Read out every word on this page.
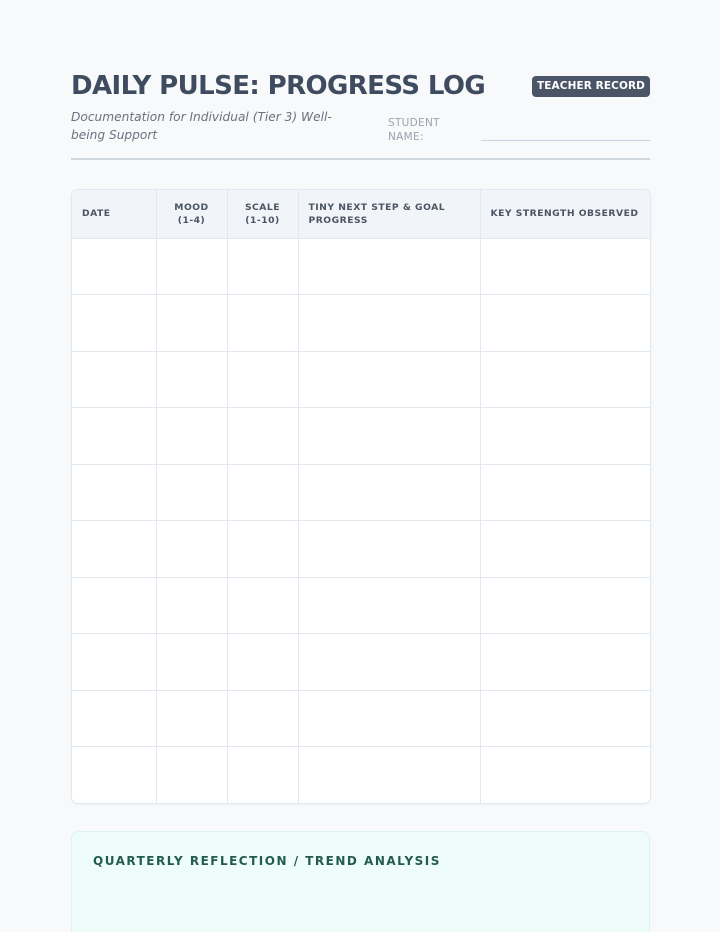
DAILY PULSE: PROGRESS LOG	TEACHER RECORD

Documentation for Individual (Tier 3) Well-being Support

STUDENT NAME:
DATE	MOOD (1-4)	SCALE (1-10)	TINY NEXT STEP & GOAL PROGRESS	KEY STRENGTH OBSERVED

QUARTERLY REFLECTION / TREND ANALYSIS
